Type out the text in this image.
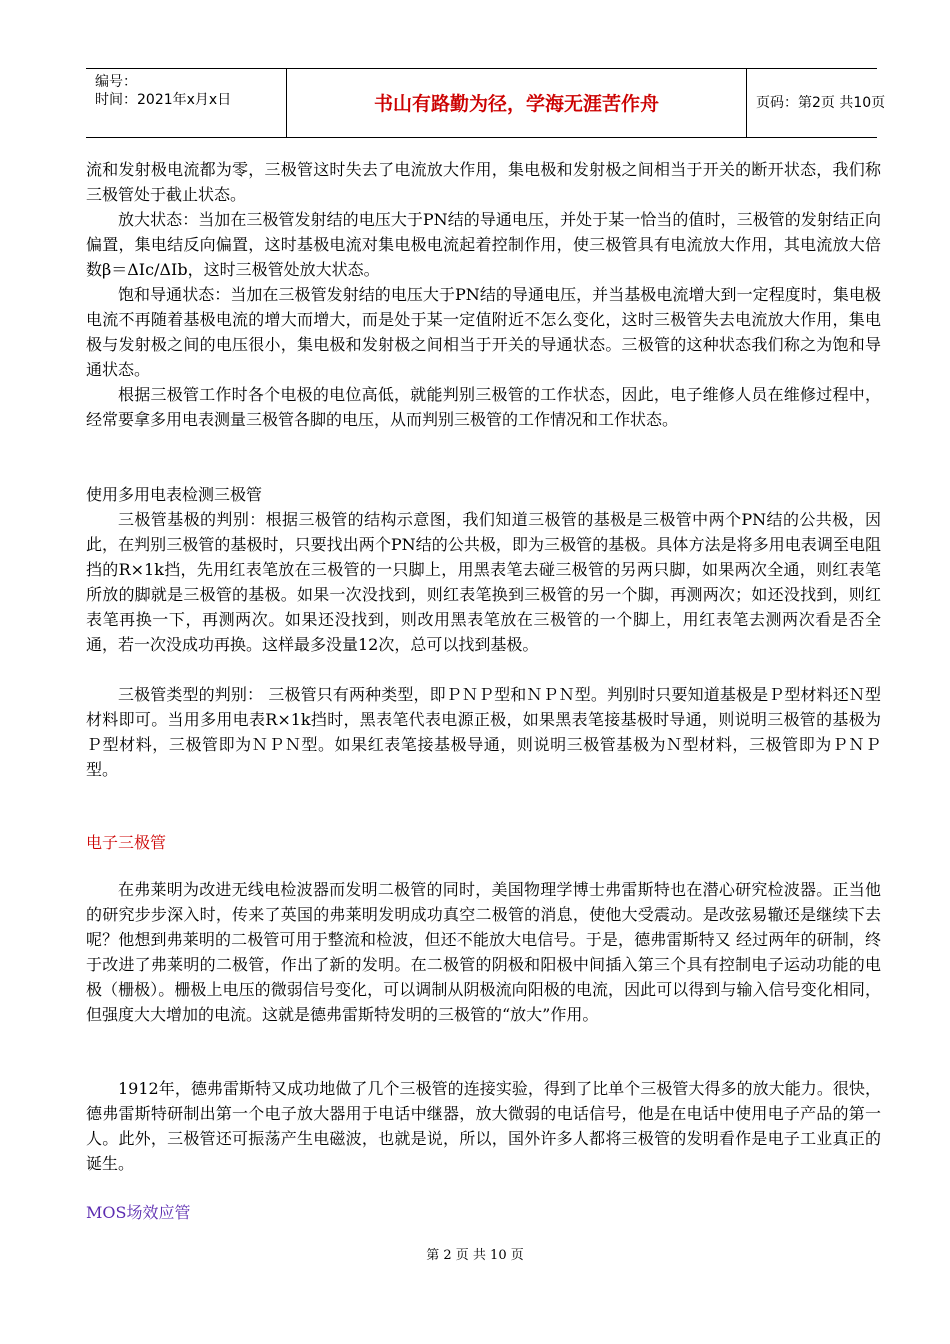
编号：
时间：2021年x月x日	书山有路勤为径，学海无涯苦作舟	页码：第2页 共10页

流和发射极电流都为零，三极管这时失去了电流放大作用，集电极和发射极之间相当于开关的断开状态，我们称三极管处于截止状态。

放大状态：当加在三极管发射结的电压大于PN结的导通电压，并处于某一恰当的值时，三极管的发射结正向偏置，集电结反向偏置，这时基极电流对集电极电流起着控制作用，使三极管具有电流放大作用，其电流放大倍数β＝ΔIc/ΔIb，这时三极管处放大状态。

饱和导通状态：当加在三极管发射结的电压大于PN结的导通电压，并当基极电流增大到一定程度时，集电极电流不再随着基极电流的增大而增大，而是处于某一定值附近不怎么变化，这时三极管失去电流放大作用，集电极与发射极之间的电压很小，集电极和发射极之间相当于开关的导通状态。三极管的这种状态我们称之为饱和导通状态。

根据三极管工作时各个电极的电位高低，就能判别三极管的工作状态，因此，电子维修人员在维修过程中，经常要拿多用电表测量三极管各脚的电压，从而判别三极管的工作情况和工作状态。

使用多用电表检测三极管

三极管基极的判别：根据三极管的结构示意图，我们知道三极管的基极是三极管中两个PN结的公共极，因此，在判别三极管的基极时，只要找出两个PN结的公共极，即为三极管的基极。具体方法是将多用电表调至电阻挡的R×1k挡，先用红表笔放在三极管的一只脚上，用黑表笔去碰三极管的另两只脚，如果两次全通，则红表笔所放的脚就是三极管的基极。如果一次没找到，则红表笔换到三极管的另一个脚，再测两次；如还没找到，则红表笔再换一下，再测两次。如果还没找到，则改用黑表笔放在三极管的一个脚上，用红表笔去测两次看是否全通，若一次没成功再换。这样最多没量12次，总可以找到基极。

三极管类型的判别： 三极管只有两种类型，即ＰＮＰ型和ＮＰＮ型。判别时只要知道基极是Ｐ型材料还Ｎ型材料即可。当用多用电表R×1k挡时，黑表笔代表电源正极，如果黑表笔接基极时导通，则说明三极管的基极为Ｐ型材料，三极管即为ＮＰＮ型。如果红表笔接基极导通，则说明三极管基极为Ｎ型材料，三极管即为ＰＮＰ型。

电子三极管

在弗莱明为改进无线电检波器而发明二极管的同时，美国物理学博士弗雷斯特也在潜心研究检波器。正当他的研究步步深入时，传来了英国的弗莱明发明成功真空二极管的消息，使他大受震动。是改弦易辙还是继续下去呢？他想到弗莱明的二极管可用于整流和检波，但还不能放大电信号。于是，德弗雷斯特又 经过两年的研制，终于改进了弗莱明的二极管，作出了新的发明。在二极管的阴极和阳极中间插入第三个具有控制电子运动功能的电极（栅极）。栅极上电压的微弱信号变化，可以调制从阴极流向阳极的电流，因此可以得到与输入信号变化相同，但强度大大增加的电流。这就是德弗雷斯特发明的三极管的“放大”作用。

1912年，德弗雷斯特又成功地做了几个三极管的连接实验，得到了比单个三极管大得多的放大能力。很快，德弗雷斯特研制出第一个电子放大器用于电话中继器，放大微弱的电话信号，他是在电话中使用电子产品的第一人。此外，三极管还可振荡产生电磁波，也就是说，所以，国外许多人都将三极管的发明看作是电子工业真正的诞生。

MOS场效应管

第 2 页 共 10 页
